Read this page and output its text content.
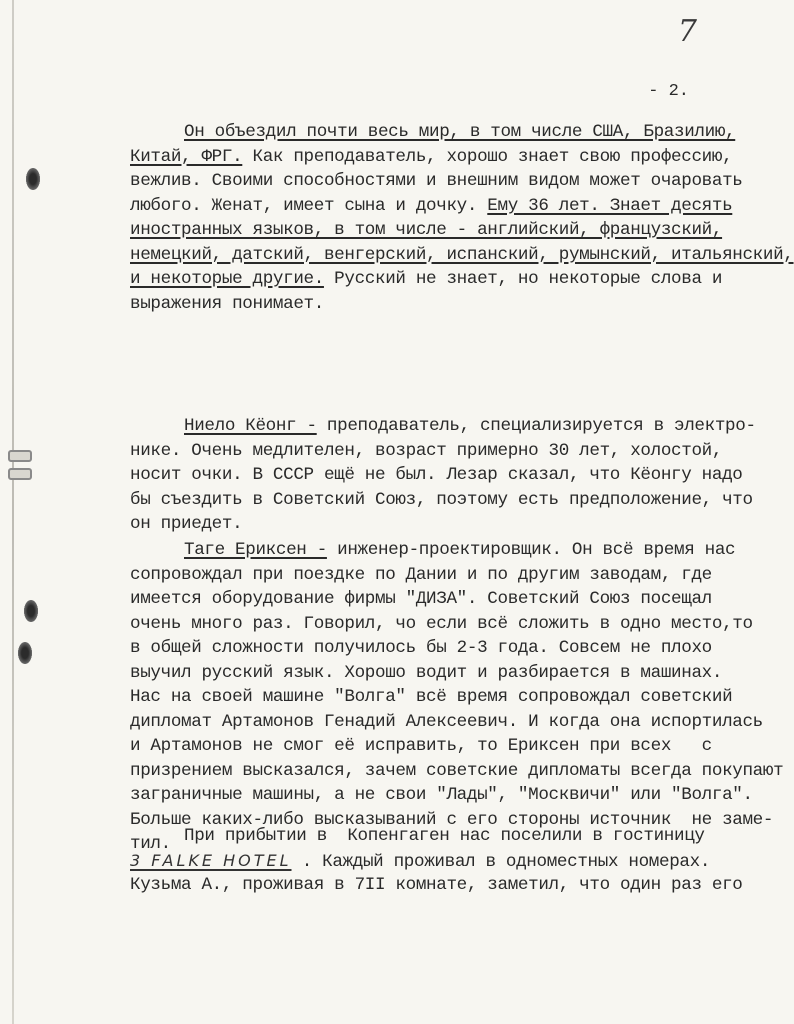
7
- 2.
Он объездил почти весь мир, в том числе США, Бразилию,
Китай, ФРГ. Как преподаватель, хорошо знает свою профессию,
вежлив. Своими способностями и внешним видом может очаровать
любого. Женат, имеет сына и дочку. Ему 36 лет. Знает десять
иностранных языков, в том числе - английский, французский,
немецкий, датский, венгерский, испанский, румынский, итальянский,
и некоторые другие. Русский не знает, но некоторые слова и
выражения понимает.
Ниело Кёонг - преподаватель, специализируется в электро-
нике. Очень медлителен, возраст примерно 30 лет, холостой,
носит очки. В СССР ещё не был. Лезар сказал, что Кёонгу надо
бы съездить в Советский Союз, поэтому есть предположение, что
он приедет.
Таге Ериксен - инженер-проектировщик. Он всё время нас
сопровождал при поездке по Дании и по другим заводам, где
имеется оборудование фирмы "ДИЗА". Советский Союз посещал
очень много раз. Говорил, чо если всё сложить в одно место,то
в общей сложности получилось бы 2-3 года. Совсем не плохо
выучил русский язык. Хорошо водит и разбирается в машинах.
Нас на своей машине "Волга" всё время сопровождал советский
дипломат Артамонов Генадий Алексеевич. И когда она испортилась
и Артамонов не смог её исправить, то Ериксен при всех   с
призрением высказался, зачем советские дипломаты всегда покупают
заграничные машины, а не свои "Лады", "Москвичи" или "Волга".
Больше каких-либо высказываний с его стороны источник  не заме-
тил. При прибытии в  Копенгаген нас поселили в гостиницу
3 FALKE HOTEL . Каждый проживал в одноместных номерах.
Кузьма А., проживая в 7II комнате, заметил, что один раз его
